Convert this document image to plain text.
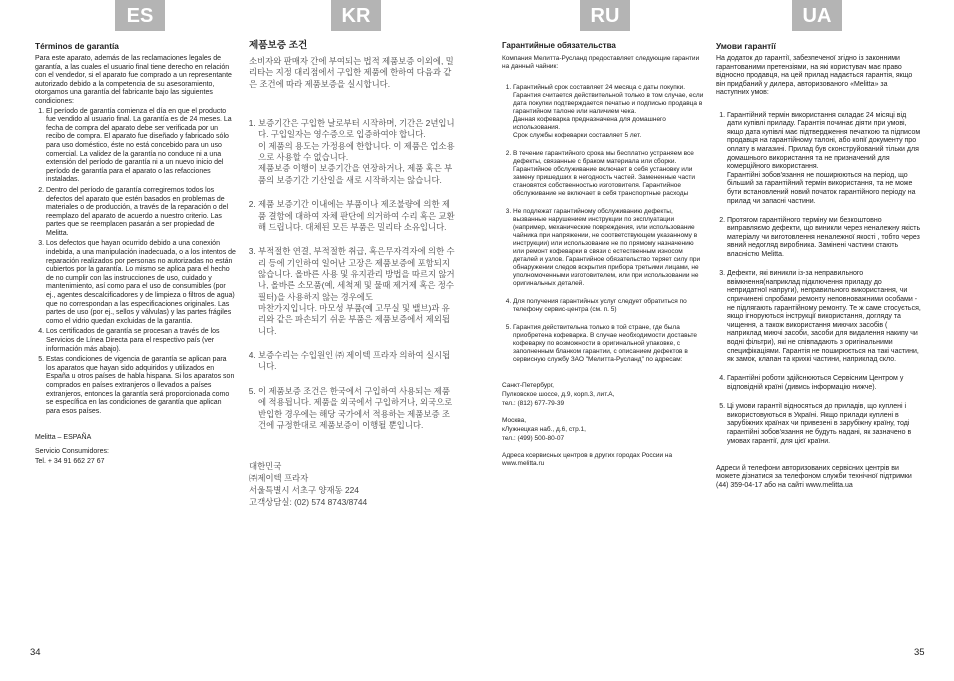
ES	KR	RU	UA
Términos de garantía

Para este aparato, además de las reclamaciones legales de garantía, a las cuales el usuario final tiene derecho en relación con el vendedor, si el aparato fue comprado a un representante autorizado debido a la competencia de su asesoramiento, otorgamos una garantía del fabricante bajo las siguientes condiciones:

1. El período de garantía comienza el día en que el producto fue vendido al usuario final. La garantía es de 24 meses. La fecha de compra del aparato debe ser verificada por un recibo de compra. El aparato fue diseñado y fabricado sólo para uso doméstico, éste no está concebido para un uso comercial. La validez de la garantía no conduce ni a una extensión del período de garantía ni a un nuevo inicio del período de garantía para el aparato o las refacciones instaladas.
2. Dentro del período de garantía corregiremos todos los defectos del aparato que estén basados en problemas de materiales o de producción, a través de la reparación o del reemplazo del aparato de acuerdo a nuestro criterio. Las partes que se reemplacen pasarán a ser propiedad de Melitta.
3. Los defectos que hayan ocurrido debido a una conexión indebida, a una manipulación inadecuada, o a los intentos de reparación realizados por personas no autorizadas no están cubiertos por la garantía. Lo mismo se aplica para el hecho de no cumplir con las instrucciones de uso, cuidado y mantenimiento, así como para el uso de consumibles (por ej., agentes descalcificadores y de limpieza o filtros de agua) que no correspondan a las especificaciones originales. Las partes de uso (por ej., sellos y válvulas) y las partes frágiles como el vidrio quedan excluidas de la garantía.
4. Los certificados de garantía se procesan a través de los Servicios de Línea Directa para el respectivo país (ver información más abajo).
5. Estas condiciones de vigencia de garantía se aplican para los aparatos que hayan sido adquiridos y utilizados en España u otros países de habla hispana. Si los aparatos son comprados en países extranjeros o llevados a países extranjeros, entonces la garantía será proporcionada como se específica en las condiciones de garantía que aplican para esos países.

Melitta – ESPAÑA

Servicio Consumidores:

Tel. + 34 91 662 27 67

제품보증 조건

소비자와 판매자 간에 부여되는 법적 제품보증 이외에, 밀리타는 지정 대리점에서 구입한 제품에 한하여 다음과 같은 조건에 따라 제품보증을 실시합니다.

1. 보증기간은 구입한 날로부터 시작하며, 기간은 2년입니다. 구입일자는 영수증으로 입증하여야 합니다.
이 제품의 용도는 가정용에 한합니다. 이 제품은 업소용으로 사용할 수 없습니다.
제품보증 이행이 보증기간을 연장하거나, 제품 혹은 부품의 보증기간 기산일을 새로 시작하지는 않습니다.

2. 제품 보증기간 이내에는 부품이나 제조불량에 의한 제품 결함에 대하여 자체 판단에 의거하여 수리 혹은 교환해 드립니다. 대체된 모든 부품은 밀리타 소유입니다.

3. 부적절한 연결, 부적절한 취급, 혹은무자격자에 의한 수리 등에 기인하여 일어난 고장은 제품보증에 포함되지 않습니다. 올바른 사용 및 유지관리 방법을 따르지 않거나, 올바른 소모품(예, 세척제 및 물때 제거제 혹은 정수필터)을 사용하지 않는 경우에도
마찬가지입니다. 마모성 부품(예 고무실 및 밸브)과 유리와 같은 파손되기 쉬운 부품은 제품보증에서 제외됩니다.

4. 보증수리는 수입원인 ㈜ 제이텍 프라자 의하여 실시됩니다.

5. 이 제품보증 조건은 한국에서 구입하여 사용되는 제품에 적용됩니다. 제품을 외국에서 구입하거나, 외국으로 반입한 경우에는 해당 국가에서 적용하는 제품보증 조건에 규정한대로 제품보증이 이행될 뿐입니다.

대한민국

㈜제이텍 프라자

서울특별시 서초구 양재동 224

고객상담실: (02) 574 8743/8744

Гарантийные обязательства

Компания Мелитта-Русланд предоставляет следующие гарантии на данный чайник:

1. Гарантийный срок составляет 24 месяца с даты покупки. Гарантия считается действительной только в том случае, если дата покупки подтверждается печатью и подписью продавца в гарантийном талоне или наличием чека.
Данная кофеварка предназначена для домашнего использования.
Срок службы кофеварки составляет 5 лет.

2. В течение гарантийного срока мы бесплатно устраняем все дефекты, связанные с браком материала или сборки. Гарантийное обслуживание включает в себя установку или замену пришедших в негодность частей. Замененные части становятся собственностью изготовителя. Гарантийное обслуживание не включает в себя транспортные расходы

3. Не подлежат гарантийному обслуживанию дефекты, вызванные нарушением инструкции по эксплуатации (например, механические повреждения, или использование чайника при напряжении, не соответствующем указанному в инструкции) или использование не по прямому назначению или ремонт кофеварки в связи с естественным износом деталей и узлов. Гарантийное обязательство теряет силу при обнаружении следов вскрытия прибора третьими лицами, не уполномоченными изготовителем, или при использовании не оригинальных деталей.

4. Для получения гарантийных услуг следует обратиться по телефону сервис-центра (см. п. 5)

5. Гарантия действительна только в той стране, где была приобретена кофеварка. В случае необходимости доставьте кофеварку по возможности в оригинальной упаковке, с заполненным бланком гарантии, с описанием дефектов в сервисную службу ЗАО "Мелитта-Русланд" по адресам:

Санкт-Петербург,

Пулковское шоссе, д.9, корп.3, лит.А,

тел.: (812) 677-79-39

Москва,

кЛужнецкая наб., д.6, стр.1,

тел.: (499) 500-80-07

Адреса ксервисных центров в других городах России на www.melitta.ru

Умови гарантії

На додаток до гарантії, забезпеченої згідно із законними гарантованими претензіями, на які користувач має право відносно продавця, на цей прилад надається гарантія, якщо він придбаний у дилера, авторизованого «Melitta» за наступних умов:

1. Гарантійний термін використання складає 24 місяці від дати купівлі приладу. Гарантія починає діяти при умові, якщо дата купівлі має підтвердження печаткою та підписом продавця на гарантійному талоні, або копії документу про оплату в магазині. Прилад був сконструйований тільки для домашнього використання та не призначений для комерційного використання.
Гарантійні зобов'язання не поширюються на період, що більший за гарантійний термін використання, та не може бути встановлений новий початок гарантійного періоду на прилад чи запасні частини.

2. Протягом гарантійного терміну ми безкоштовно виправляємо дефекти, що виникли через неналежну якість матеріалу чи виготовлення неналежної якості , тобто через явний недогляд виробника. Замінені частини стають власністю Melitta.

3. Дефекти, які виникли із-за неправильного ввімкнення(наприклад підключення приладу до непридатної напруги), неправильного використання, чи спричинені спробами ремонту неповноважними особами - не підлягають гарантійному ремонту. Те ж саме стосується, якщо ігноруються інструкції використання, догляду та чищення, а також використання миючих засобів ( наприклад миючі засоби, засоби для видалення накипу чи водні фільтри), які не співпадають з оригінальними специфікаціями. Гарантія не поширюється на такі частини, як замок, клапан та крихкі частини, наприклад скло.

4. Гарантійні роботи здійснюються Сервісним Центром у відповідній країні (дивись інформацію нижче).

5. Ці умови гарантії відносяться до приладів, що куплені і використовуються в Україні. Якщо прилади куплені в зарубіжних країнах чи привезені в зарубіжну країну, тоді гарантійні зобов'язання не будуть надані, як зазначено в умовах гарантії, для цієї країни.

Адреси й телефони авторизованих сервісних центрів ви можете дізнатися за телефоном служби технічної підтримки (44) 359-04-17 або на сайті www.melitta.ua

34	35
